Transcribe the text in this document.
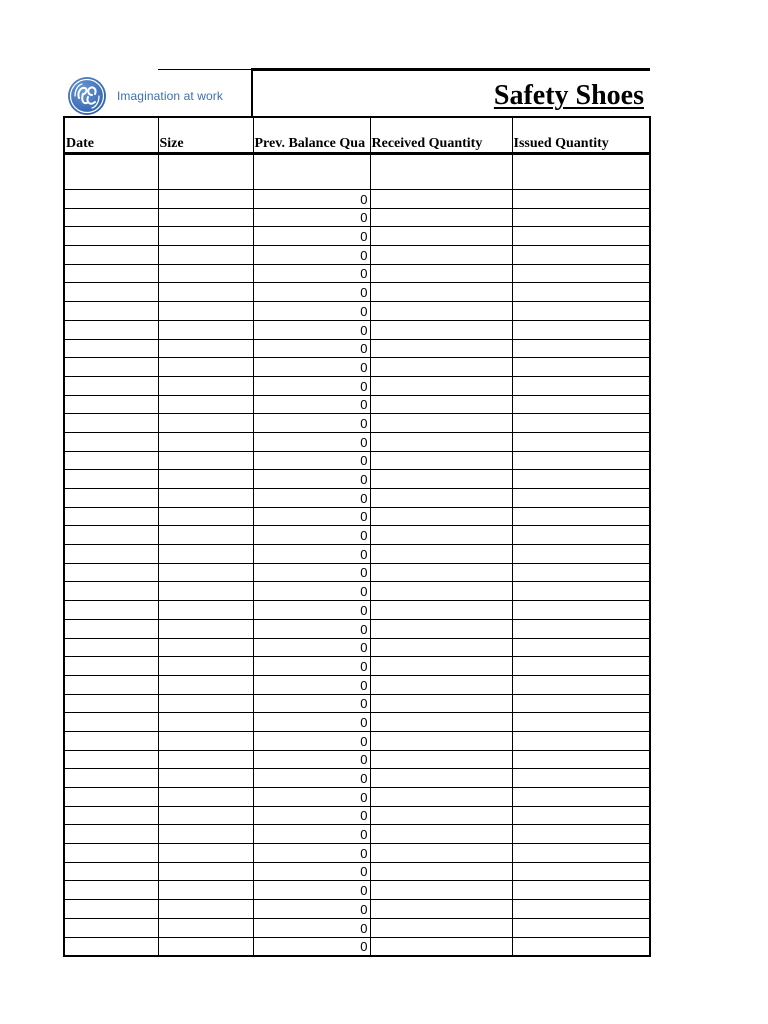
Imagination at work	Safety Shoes
Date	Size	Prev. Balance Qua	Received Quantity	Issued Quantity

		0		
		0		
		0		
		0		
		0		
		0		
		0		
		0		
		0		
		0		
		0		
		0		
		0		
		0		
		0		
		0		
		0		
		0		
		0		
		0		
		0		
		0		
		0		
		0		
		0		
		0		
		0		
		0		
		0		
		0		
		0		
		0		
		0		
		0		
		0		
		0		
		0		
		0		
		0		
		0		
		0		
